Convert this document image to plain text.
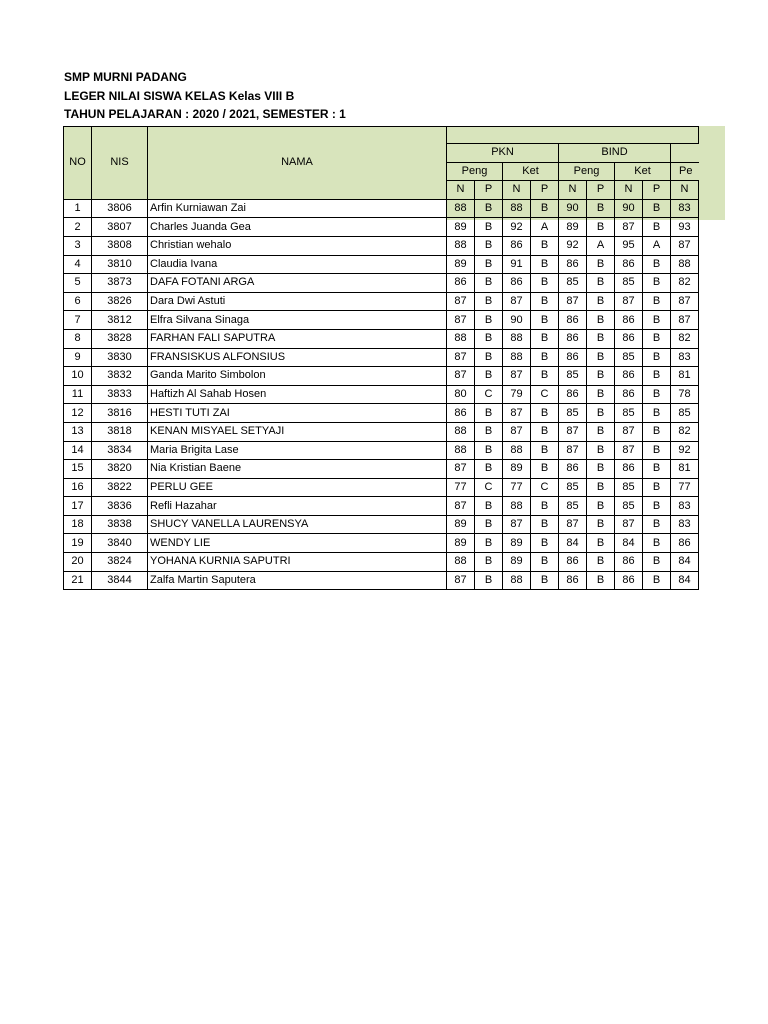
SMP MURNI PADANG
LEGER NILAI SISWA KELAS Kelas VIII B
TAHUN PELAJARAN : 2020 / 2021, SEMESTER : 1
NO	NIS	NAMA									
			PKN				BIND				
			Peng		Ket		Peng		Ket		Pe
			N	P	N	P	N	P	N	P	N
1	3806	Arfin Kurniawan Zai	88	B	88	B	90	B	90	B	83
2	3807	Charles Juanda Gea	89	B	92	A	89	B	87	B	93
3	3808	Christian wehalo	88	B	86	B	92	A	95	A	87
4	3810	Claudia Ivana	89	B	91	B	86	B	86	B	88
5	3873	DAFA FOTANI ARGA	86	B	86	B	85	B	85	B	82
6	3826	Dara Dwi Astuti	87	B	87	B	87	B	87	B	87
7	3812	Elfra Silvana Sinaga	87	B	90	B	86	B	86	B	87
8	3828	FARHAN FALI SAPUTRA	88	B	88	B	86	B	86	B	82
9	3830	FRANSISKUS ALFONSIUS	87	B	88	B	86	B	85	B	83
10	3832	Ganda Marito Simbolon	87	B	87	B	85	B	86	B	81
11	3833	Haftizh Al Sahab Hosen	80	C	79	C	86	B	86	B	78
12	3816	HESTI TUTI ZAI	86	B	87	B	85	B	85	B	85
13	3818	KENAN MISYAEL SETYAJI	88	B	87	B	87	B	87	B	82
14	3834	Maria Brigita Lase	88	B	88	B	87	B	87	B	92
15	3820	Nia Kristian Baene	87	B	89	B	86	B	86	B	81
16	3822	PERLU GEE	77	C	77	C	85	B	85	B	77
17	3836	Refli Hazahar	87	B	88	B	85	B	85	B	83
18	3838	SHUCY VANELLA LAURENSYA	89	B	87	B	87	B	87	B	83
19	3840	WENDY LIE	89	B	89	B	84	B	84	B	86
20	3824	YOHANA KURNIA SAPUTRI	88	B	89	B	86	B	86	B	84
21	3844	Zalfa Martin Saputera	87	B	88	B	86	B	86	B	84
